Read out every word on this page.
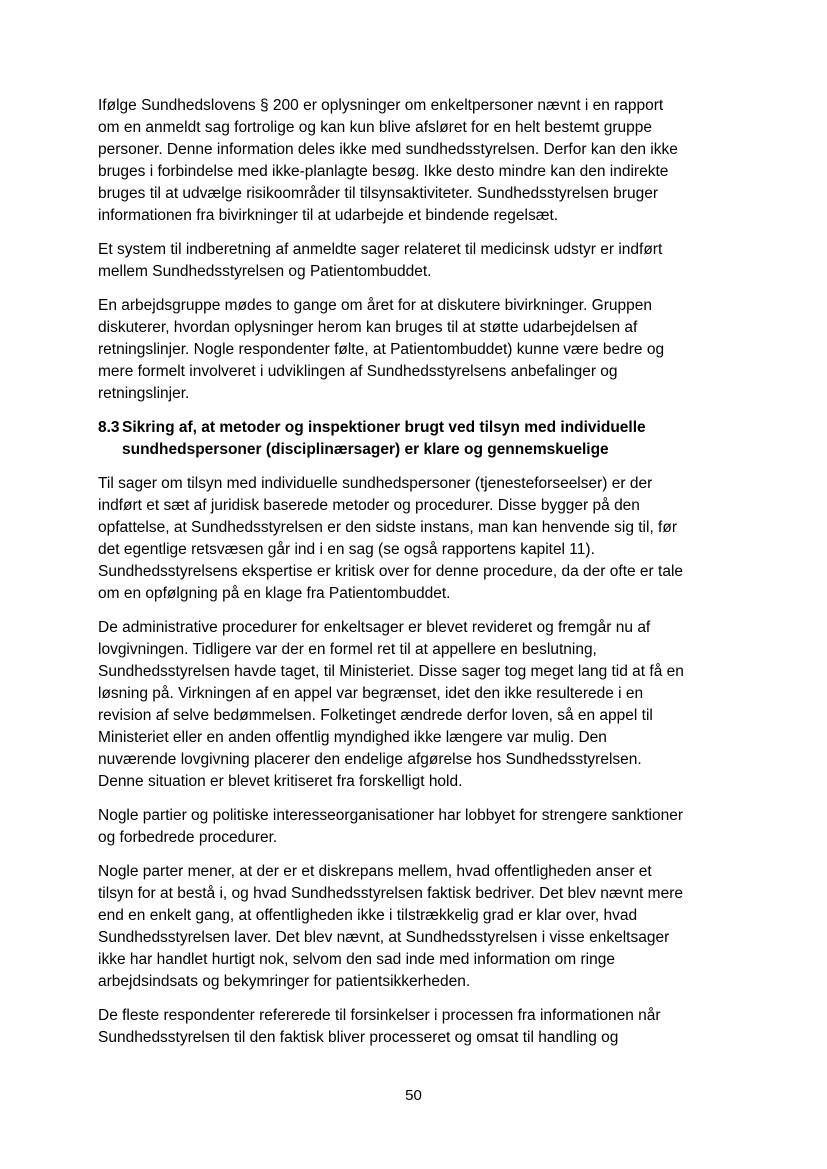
Ifølge Sundhedslovens § 200 er oplysninger om enkeltpersoner nævnt i en rapport
om en anmeldt sag fortrolige og kan kun blive afsløret for en helt bestemt gruppe
personer. Denne information deles ikke med sundhedsstyrelsen. Derfor kan den ikke
bruges i forbindelse med ikke-planlagte besøg. Ikke desto mindre kan den indirekte
bruges til at udvælge risikoområder til tilsynsaktiviteter. Sundhedsstyrelsen bruger
informationen fra bivirkninger til at udarbejde et bindende regelsæt.
Et system til indberetning af anmeldte sager relateret til medicinsk udstyr er indført
mellem Sundhedsstyrelsen og Patientombuddet.
En arbejdsgruppe mødes to gange om året for at diskutere bivirkninger. Gruppen
diskuterer, hvordan oplysninger herom kan bruges til at støtte udarbejdelsen af
retningslinjer. Nogle respondenter følte, at Patientombuddet) kunne være bedre og
mere formelt involveret i udviklingen af Sundhedsstyrelsens anbefalinger og
retningslinjer.
8.3 Sikring af, at metoder og inspektioner brugt ved tilsyn med individuelle
sundhedspersoner (disciplinærsager) er klare og gennemskuelige
Til sager om tilsyn med individuelle sundhedspersoner (tjenesteforseelser) er der
indført et sæt af juridisk baserede metoder og procedurer. Disse bygger på den
opfattelse, at Sundhedsstyrelsen er den sidste instans, man kan henvende sig til, før
det egentlige retsvæsen går ind i en sag (se også rapportens kapitel 11).
Sundhedsstyrelsens ekspertise er kritisk over for denne procedure, da der ofte er tale
om en opfølgning på en klage fra Patientombuddet.
De administrative procedurer for enkeltsager er blevet revideret og fremgår nu af
lovgivningen. Tidligere var der en formel ret til at appellere en beslutning,
Sundhedsstyrelsen havde taget, til Ministeriet. Disse sager tog meget lang tid at få en
løsning på. Virkningen af en appel var begrænset, idet den ikke resulterede i en
revision af selve bedømmelsen. Folketinget ændrede derfor loven, så en appel til
Ministeriet eller en anden offentlig myndighed ikke længere var mulig. Den
nuværende lovgivning placerer den endelige afgørelse hos Sundhedsstyrelsen.
Denne situation er blevet kritiseret fra forskelligt hold.
Nogle partier og politiske interesseorganisationer har lobbyet for strengere sanktioner
og forbedrede procedurer.
Nogle parter mener, at der er et diskrepans mellem, hvad offentligheden anser et
tilsyn for at bestå i, og hvad Sundhedsstyrelsen faktisk bedriver. Det blev nævnt mere
end en enkelt gang, at offentligheden ikke i tilstrækkelig grad er klar over, hvad
Sundhedsstyrelsen laver. Det blev nævnt, at Sundhedsstyrelsen i visse enkeltsager
ikke har handlet hurtigt nok, selvom den sad inde med information om ringe
arbejdsindsats og bekymringer for patientsikkerheden.
De fleste respondenter refererede til forsinkelser i processen fra informationen når
Sundhedsstyrelsen til den faktisk bliver processeret og omsat til handling og
50
